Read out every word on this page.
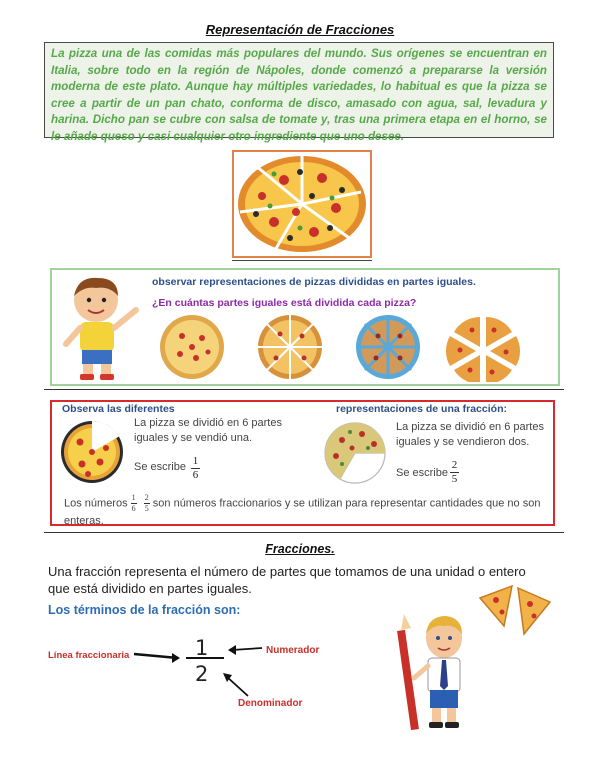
Representación de Fracciones
La pizza una de las comidas más populares del mundo. Sus orígenes se encuentran en Italia, sobre todo en la región de Nápoles, donde comenzó a prepararse la versión moderna de este plato. Aunque hay múltiples variedades, lo habitual es que la pizza se cree a partir de un pan chato, conforma de disco, amasado con agua, sal, levadura y harina. Dicho pan se cubre con salsa de tomate y, tras una primera etapa en el horno, se le añade queso y casi cualquier otro ingrediente que uno desee.
observar representaciones de pizzas divididas en partes iguales.
¿En cuántas partes iguales está dividida cada pizza?
Observa las diferentes	representaciones de una fracción:
La pizza se dividió en 6 partes iguales y se vendió una.
Se escribe 1
6
La pizza se dividió en 6 partes iguales y se vendieron dos.
Se escribe
2
5
Los números $\frac{1}{6}$
$\frac{2}{5}$ son números fraccionarios y se utilizan para representar cantidades que no son enteras.
Fracciones.
Una fracción representa el número de partes que tomamos de una unidad o entero que está dividido en partes iguales.
Los términos de la fracción son:
Línea fraccionaria	1
2
Numerador
Denominador
